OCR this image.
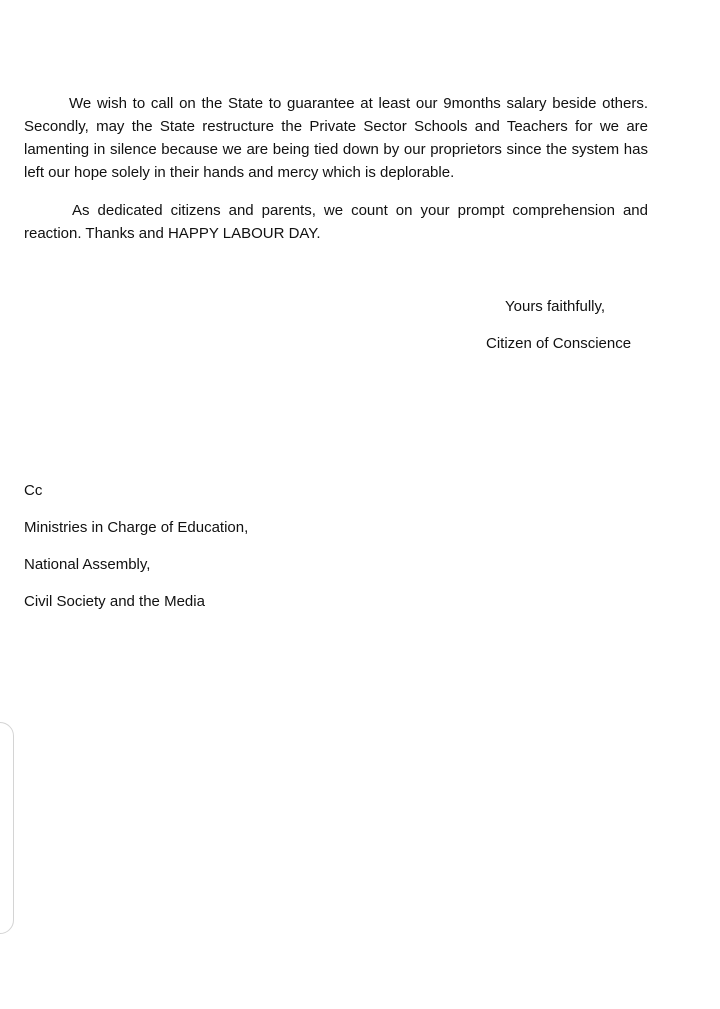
We wish to call on the State to guarantee at least our 9months salary beside others.
Secondly, may the State restructure the Private Sector Schools and Teachers for we are
lamenting in silence because we are being tied down by our proprietors since the system has
left our hope solely in their hands and mercy which is deplorable.

As dedicated citizens and parents, we count on your prompt comprehension and
reaction. Thanks and HAPPY LABOUR DAY.

Yours faithfully,

Citizen of Conscience

Cc

Ministries in Charge of Education,

National Assembly,

Civil Society and the Media
